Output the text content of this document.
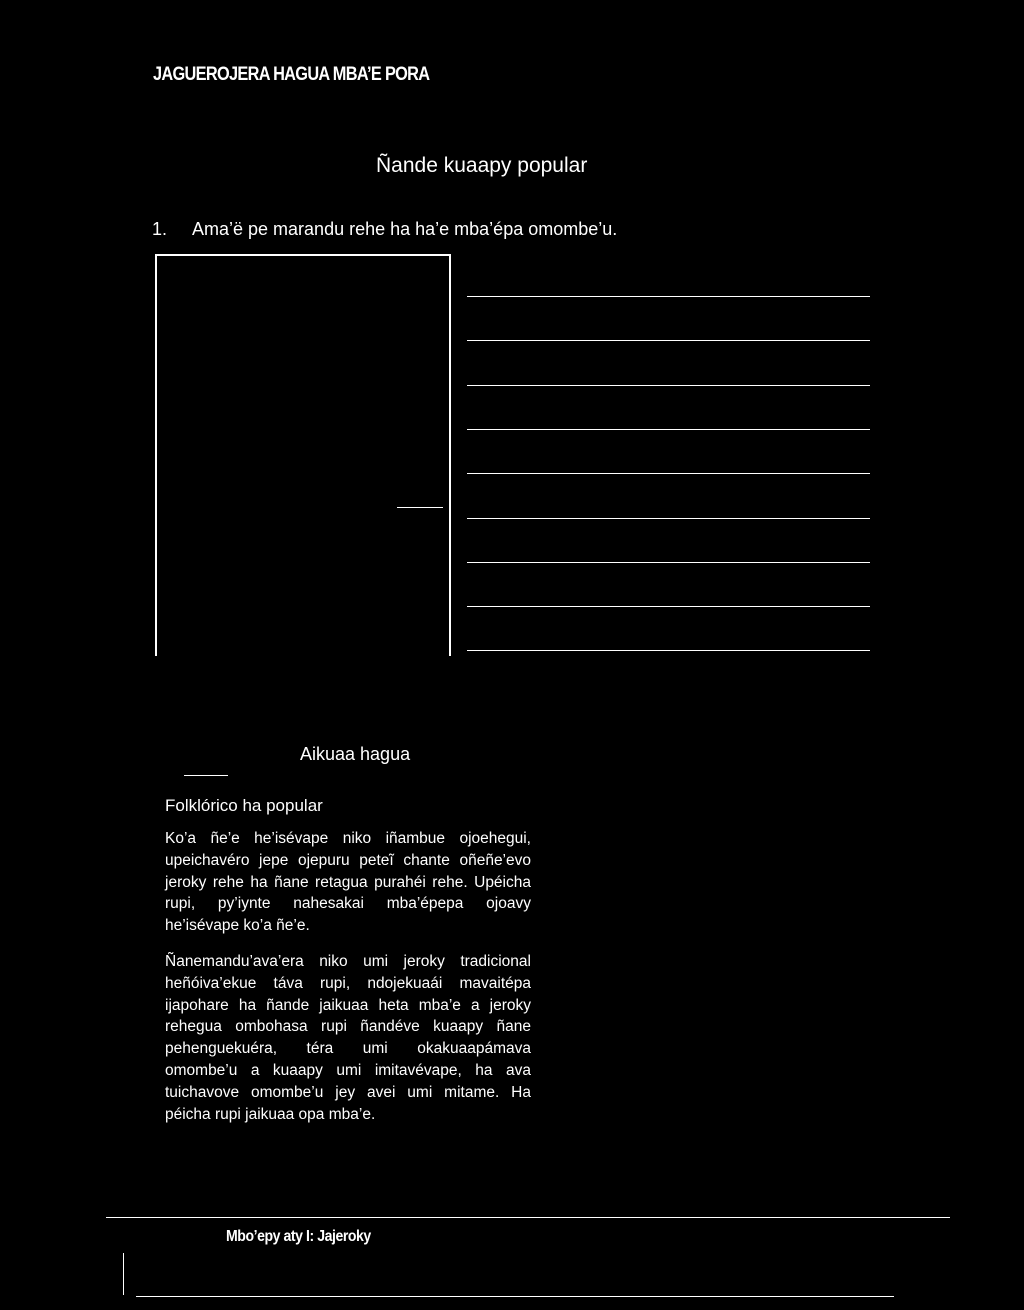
JAGUEROJERA HAGUA MBA’E PORA
Ñande kuaapy popular
1. Ama’ë pe marandu rehe ha ha’e mba’épa omombe’u.
Aikuaa hagua
Folklórico ha popular
Ko’a ñe’e he’isévape niko iñambue ojoehegui, upeichavéro jepe ojepuru peteĩ chante oñeñe’evo jeroky rehe ha ñane retagua purahéi rehe. Upéicha rupi, py’iynte nahesakai mba’épepa ojoavy he’isévape ko’a ñe’e.
Ñanemandu’ava’era niko umi jeroky tradicional heñóiva’ekue táva rupi, ndojekuaái mavaitépa ijapohare ha ñande jaikuaa heta mba’e a jeroky rehegua ombohasa rupi ñandéve kuaapy ñane pehenguekuéra, téra umi okakuaapámava omombe’u a kuaapy umi imitavévape, ha ava tuichavove omombe’u jey avei umi mitame. Ha péicha rupi jaikuaa opa mba’e.
Mbo’epy aty I: Jajeroky
